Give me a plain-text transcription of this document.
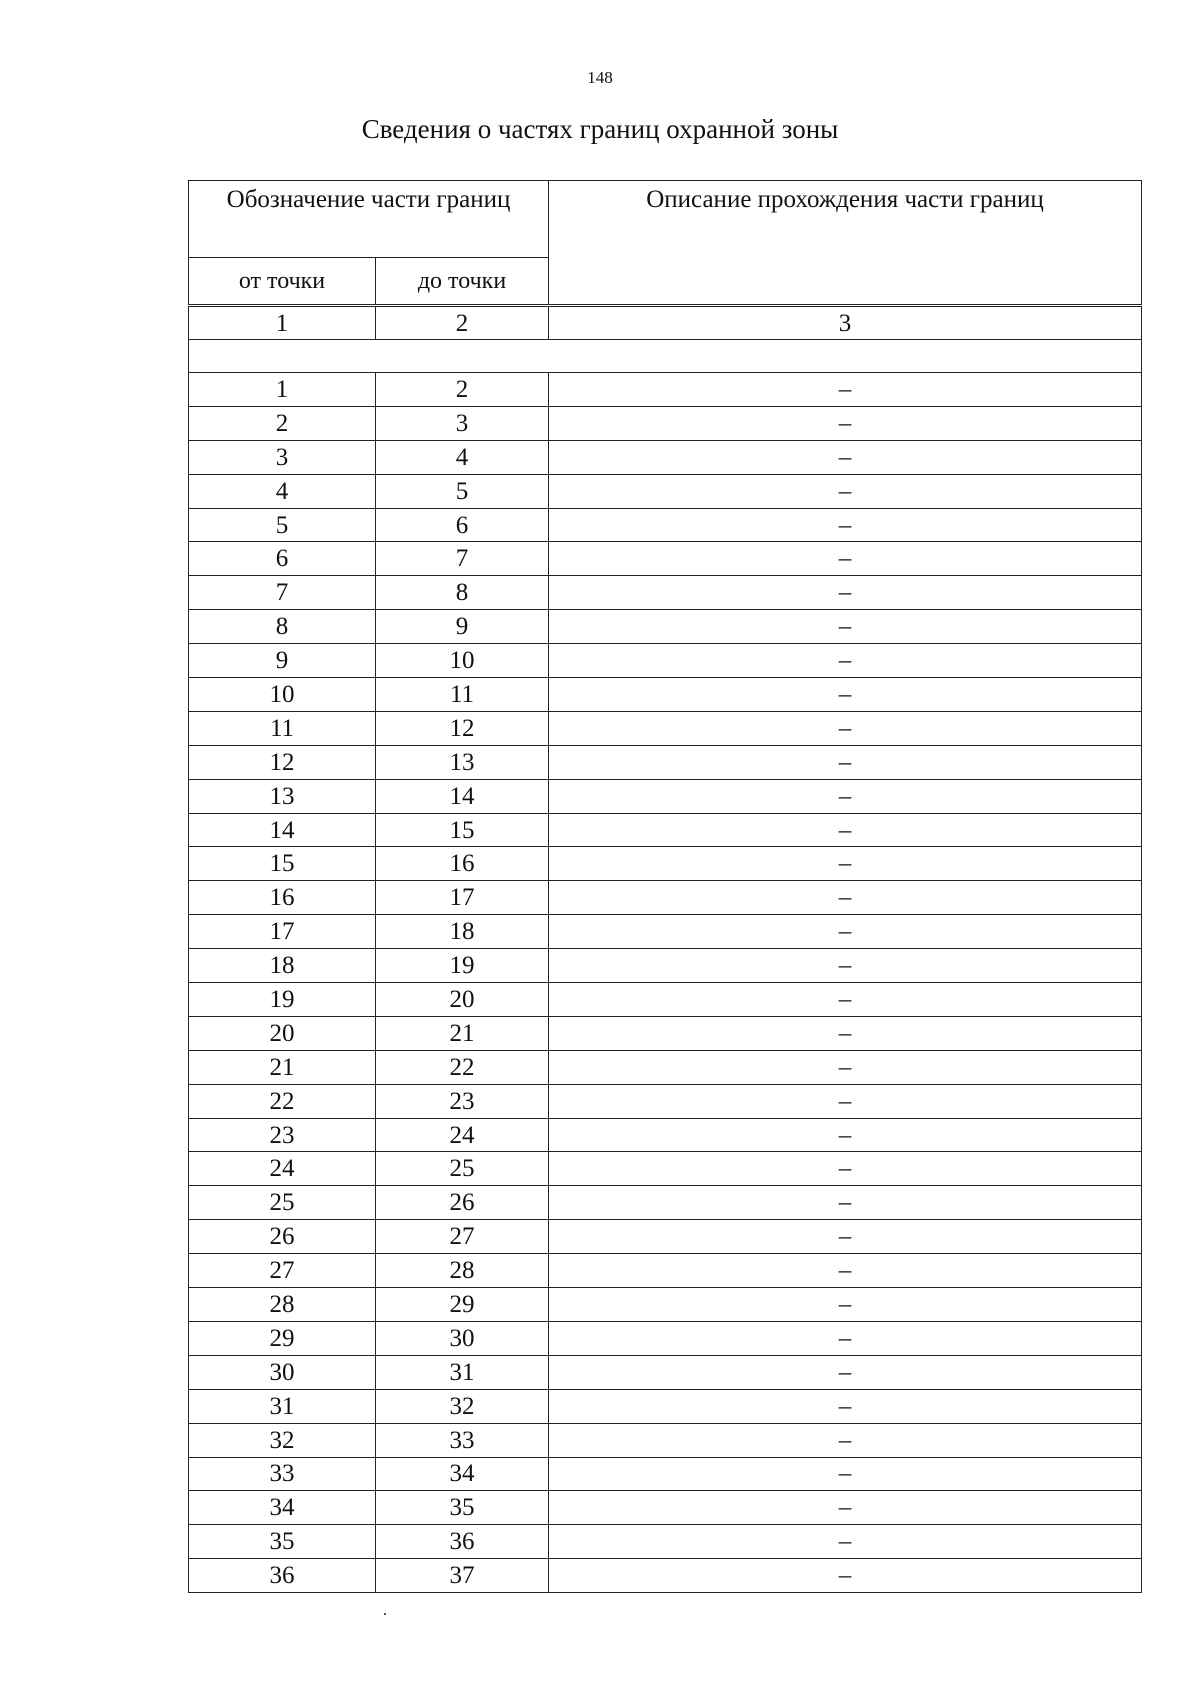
148
Сведения о частях границ охранной зоны
Обозначение части границ		Описание прохождения части границ
от точки	до точки	
1	2	3

1	2	–
2	3	–
3	4	–
4	5	–
5	6	–
6	7	–
7	8	–
8	9	–
9	10	–
10	11	–
11	12	–
12	13	–
13	14	–
14	15	–
15	16	–
16	17	–
17	18	–
18	19	–
19	20	–
20	21	–
21	22	–
22	23	–
23	24	–
24	25	–
25	26	–
26	27	–
27	28	–
28	29	–
29	30	–
30	31	–
31	32	–
32	33	–
33	34	–
34	35	–
35	36	–
36	37	–
